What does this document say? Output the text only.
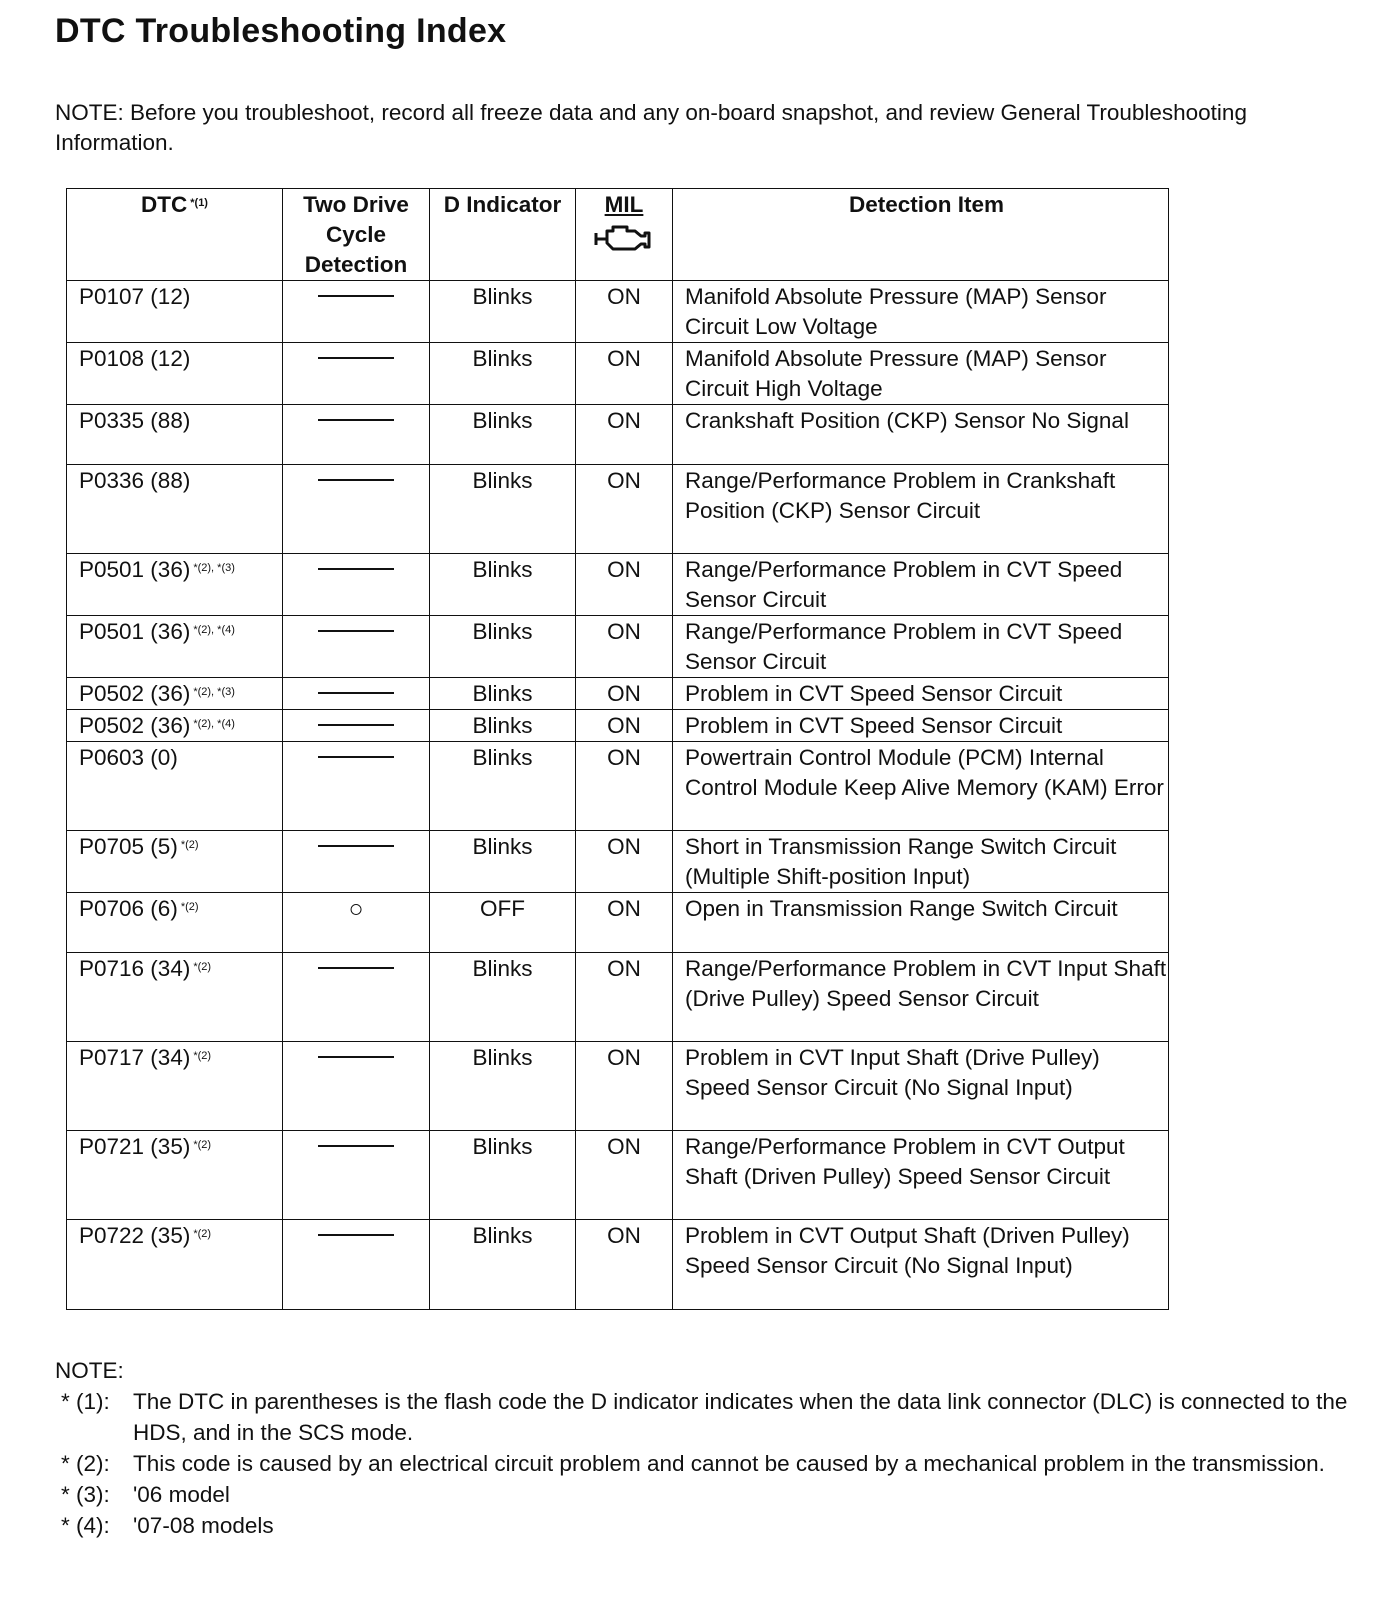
DTC Troubleshooting Index
NOTE: Before you troubleshoot, record all freeze data and any on-board snapshot, and review General Troubleshooting Information.
DTC $^{*(1)}$	Two Drive Cycle Detection	D Indicator	MIL	Detection Item
P0107 (12)		Blinks	ON	Manifold Absolute Pressure (MAP) Sensor Circuit Low Voltage
P0108 (12)		Blinks	ON	Manifold Absolute Pressure (MAP) Sensor Circuit High Voltage
P0335 (88)		Blinks	ON	Crankshaft Position (CKP) Sensor No Signal
P0336 (88)		Blinks	ON	Range/Performance Problem in Crankshaft Position (CKP) Sensor Circuit
P0501 (36) $^{*(2), *(3)}$		Blinks	ON	Range/Performance Problem in CVT Speed Sensor Circuit
P0501 (36) $^{*(2), *(4)}$		Blinks	ON	Range/Performance Problem in CVT Speed Sensor Circuit
P0502 (36) $^{*(2), *(3)}$		Blinks	ON	Problem in CVT Speed Sensor Circuit
P0502 (36) $^{*(2), *(4)}$		Blinks	ON	Problem in CVT Speed Sensor Circuit
P0603 (0)		Blinks	ON	Powertrain Control Module (PCM) Internal Control Module Keep Alive Memory (KAM) Error
P0705 (5) $^{*(2)}$		Blinks	ON	Short in Transmission Range Switch Circuit (Multiple Shift-position Input)
P0706 (6) $^{*(2)}$	○	OFF	ON	Open in Transmission Range Switch Circuit
P0716 (34) $^{*(2)}$		Blinks	ON	Range/Performance Problem in CVT Input Shaft (Drive Pulley) Speed Sensor Circuit
P0717 (34) $^{*(2)}$		Blinks	ON	Problem in CVT Input Shaft (Drive Pulley) Speed Sensor Circuit (No Signal Input)
P0721 (35) $^{*(2)}$		Blinks	ON	Range/Performance Problem in CVT Output Shaft (Driven Pulley) Speed Sensor Circuit
P0722 (35) $^{*(2)}$		Blinks	ON	Problem in CVT Output Shaft (Driven Pulley) Speed Sensor Circuit (No Signal Input)
NOTE:
* (1):	The DTC in parentheses is the flash code the D indicator indicates when the data link connector (DLC) is connected to the HDS, and in the SCS mode.
* (2):	This code is caused by an electrical circuit problem and cannot be caused by a mechanical problem in the transmission.
* (3):	'06 model
* (4):	'07-08 models
